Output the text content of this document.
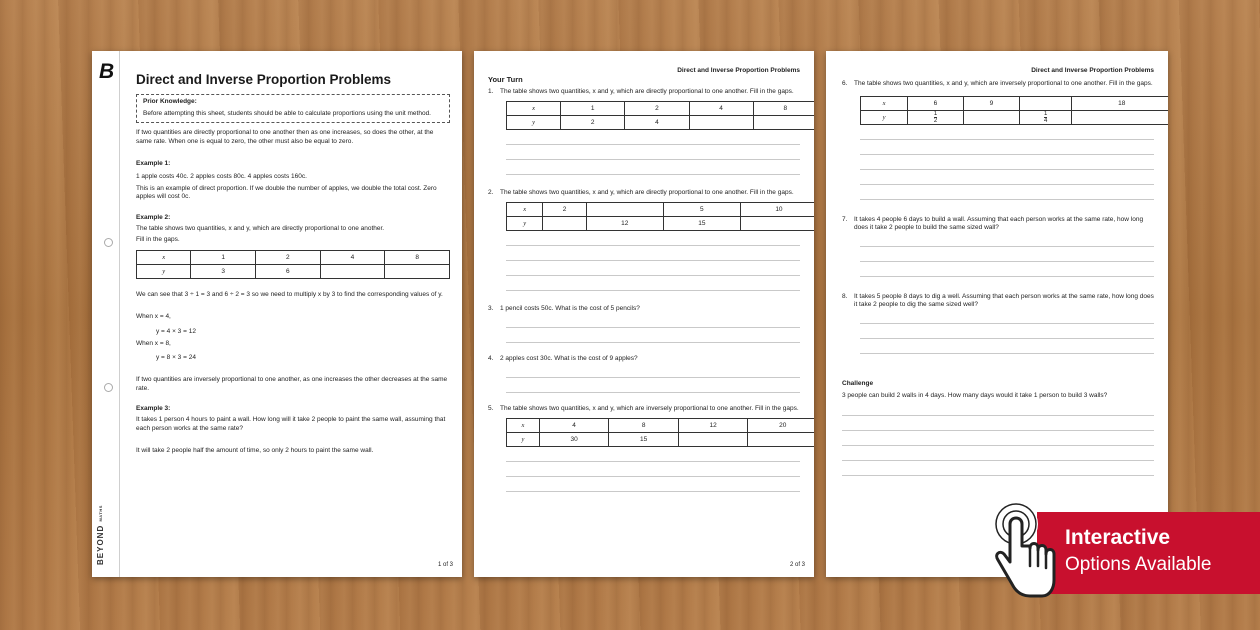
B
BEYOND MATHS
Direct and Inverse Proportion Problems
Prior Knowledge:
Before attempting this sheet, students should be able to calculate proportions using the unit method.

If two quantities are directly proportional to one another then as one increases, so does the other, at the same rate. When one is equal to zero, the other must also be equal to zero.

Example 1:

1 apple costs 40c. 2 apples costs 80c. 4 apples costs 160c.

This is an example of direct proportion. If we double the number of apples, we double the total cost. Zero apples will cost 0c.

Example 2:

The table shows two quantities, x and y, which are directly proportional to one another.

Fill in the gaps.

x	1	2	4	8
y	3	6		

We can see that 3 ÷ 1 = 3 and 6 ÷ 2 = 3 so we need to multiply x by 3 to find the corresponding values of y.

When x = 4,

y = 4 × 3 = 12

When x = 8,

y = 8 × 3 = 24

If two quantities are inversely proportional to one another, as one increases the other decreases at the same rate.

Example 3:

It takes 1 person 4 hours to paint a wall. How long will it take 2 people to paint the same wall, assuming that each person works at the same rate?

It will take 2 people half the amount of time, so only 2 hours to paint the same wall.

1 of 3
Direct and Inverse Proportion Problems
Your Turn
1.	The table shows two quantities, x and y, which are directly proportional to one another. Fill in the gaps.
x	1	2	4	8
y	2	4		
2.	The table shows two quantities, x and y, which are directly proportional to one another. Fill in the gaps.
x	2		5	10
y		12	15	
3.	1 pencil costs 50c. What is the cost of 5 pencils?
4.	2 apples cost 30c. What is the cost of 9 apples?
5.	The table shows two quantities, x and y, which are inversely proportional to one another. Fill in the gaps.
x	4	8	12	20
y	30	15		
2 of 3
Direct and Inverse Proportion Problems
6.	The table shows two quantities, x and y, which are inversely proportional to one another. Fill in the gaps.
x	6	9		18
y	$\frac{1}{2}$		$\frac{1}{4}$

7.	It takes 4 people 6 days to build a wall. Assuming that each person works at the same rate, how long does it take 2 people to build the same sized wall?
8.	It takes 5 people 8 days to dig a well. Assuming that each person works at the same rate, how long does it take 2 people to dig the same sized well?
Challenge

3 people can build 2 walls in 4 days. How many days would it take 1 person to build 3 walls?

Interactive
Options Available
